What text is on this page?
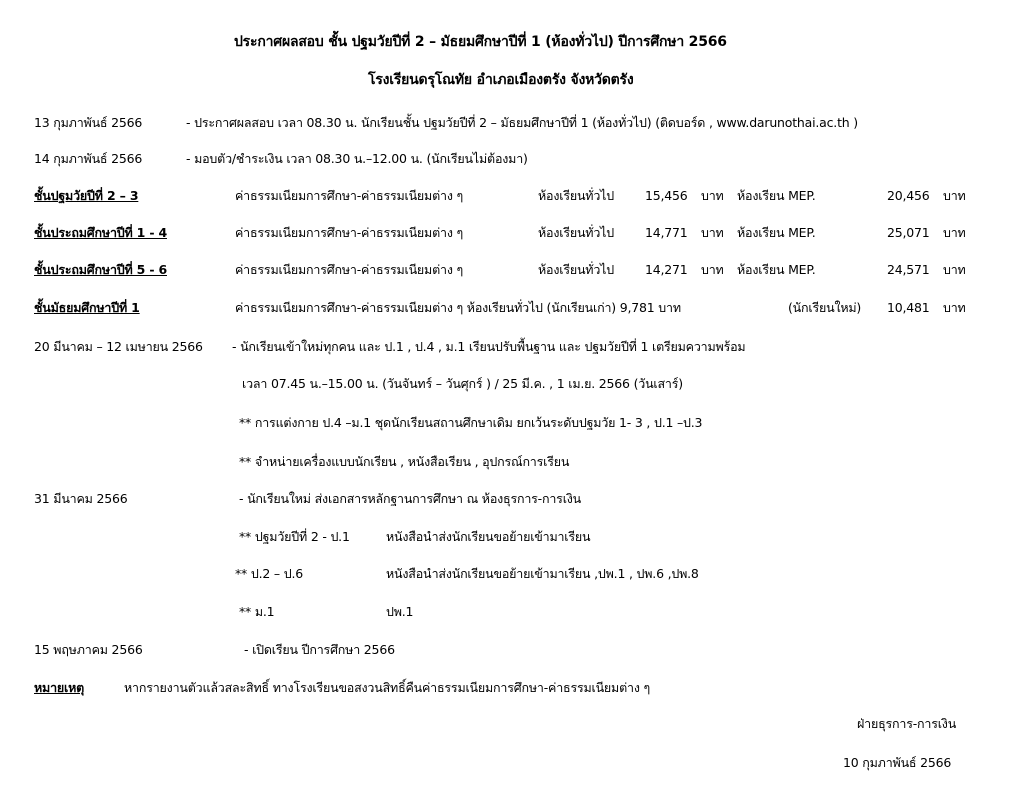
ประกาศผลสอบ ชั้น ปฐมวัยปีที่ 2 – มัธยมศึกษาปีที่ 1 (ห้องทั่วไป) ปีการศึกษา 2566
โรงเรียนดรุโณทัย อำเภอเมืองตรัง จังหวัดตรัง
13 กุมภาพันธ์ 2566	- ประกาศผลสอบ เวลา 08.30 น. นักเรียนชั้น ปฐมวัยปีที่ 2 – มัธยมศึกษาปีที่ 1 (ห้องทั่วไป) (ติดบอร์ด , www.darunothai.ac.th )
14 กุมภาพันธ์ 2566	- มอบตัว/ชำระเงิน เวลา 08.30 น.–12.00 น. (นักเรียนไม่ต้องมา)
ชั้นปฐมวัยปีที่ 2 – 3	ค่าธรรมเนียมการศึกษา-ค่าธรรมเนียมต่าง ๆ	ห้องเรียนทั่วไป 15,456 บาท ห้องเรียน MEP.	20,456 บาท
ชั้นประถมศึกษาปีที่ 1 - 4	ค่าธรรมเนียมการศึกษา-ค่าธรรมเนียมต่าง ๆ	ห้องเรียนทั่วไป 14,771 บาท ห้องเรียน MEP.	25,071 บาท
ชั้นประถมศึกษาปีที่ 5 - 6	ค่าธรรมเนียมการศึกษา-ค่าธรรมเนียมต่าง ๆ	ห้องเรียนทั่วไป 14,271 บาท ห้องเรียน MEP.	24,571 บาท
ชั้นมัธยมศึกษาปีที่ 1	ค่าธรรมเนียมการศึกษา-ค่าธรรมเนียมต่าง ๆ ห้องเรียนทั่วไป (นักเรียนเก่า) 9,781 บาท	(นักเรียนใหม่) 10,481 บาท
20 มีนาคม – 12 เมษายน 2566 - นักเรียนเข้าใหม่ทุกคน และ ป.1 , ป.4 , ม.1 เรียนปรับพื้นฐาน และ ปฐมวัยปีที่ 1 เตรียมความพร้อม
เวลา 07.45 น.–15.00 น. (วันจันทร์ – วันศุกร์ ) / 25 มี.ค. , 1 เม.ย. 2566 (วันเสาร์)
** การแต่งกาย ป.4 –ม.1 ชุดนักเรียนสถานศึกษาเดิม ยกเว้นระดับปฐมวัย 1- 3 , ป.1 –ป.3
** จำหน่ายเครื่องแบบนักเรียน , หนังสือเรียน , อุปกรณ์การเรียน
31 มีนาคม 2566	- นักเรียนใหม่ ส่งเอกสารหลักฐานการศึกษา ณ ห้องธุรการ-การเงิน
** ปฐมวัยปีที่ 2 - ป.1	หนังสือนำส่งนักเรียนขอย้ายเข้ามาเรียน
** ป.2 – ป.6	หนังสือนำส่งนักเรียนขอย้ายเข้ามาเรียน ,ปพ.1 , ปพ.6 ,ปพ.8
** ม.1	ปพ.1
15 พฤษภาคม 2566	- เปิดเรียน ปีการศึกษา 2566
หมายเหตุ	หากรายงานตัวแล้วสละสิทธิ์ ทางโรงเรียนขอสงวนสิทธิ์คืนค่าธรรมเนียมการศึกษา-ค่าธรรมเนียมต่าง ๆ
ฝ่ายธุรการ-การเงิน
10 กุมภาพันธ์ 2566
